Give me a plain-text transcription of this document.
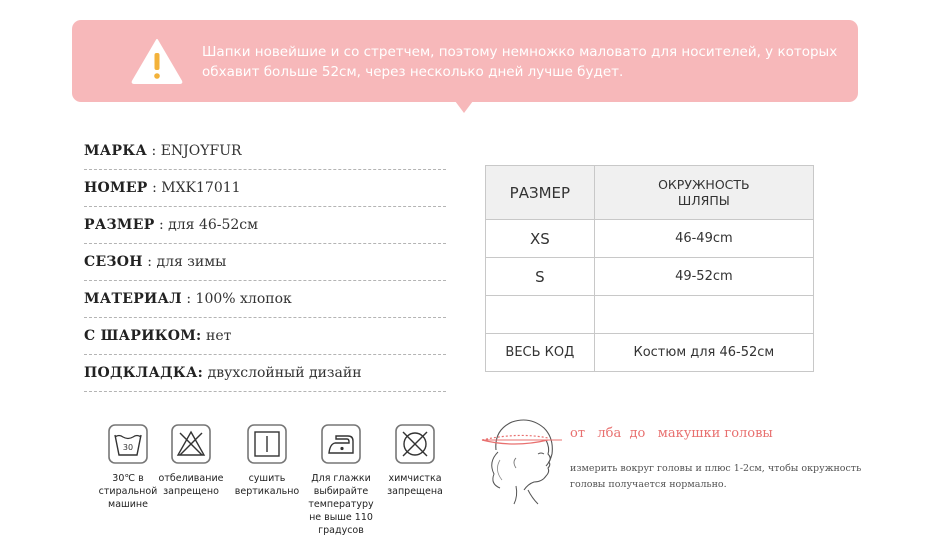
Шапки новейшие и со стретчем, поэтому немножко маловато для носителей, у которых
обхавит больше 52см, через несколько дней лучше будет.
МАРКА : ENJOYFUR
НОМЕР : MXK17011
РАЗМЕР : для 46-52см
СЕЗОН : для зимы
МАТЕРИАЛ : 100% хлопок
С ШАРИКОМ: нет
ПОДКЛАДКА: двухслойный дизайн
РАЗМЕР	ОКРУЖНОСТЬ
ШЛЯПЫ
XS	46-49cm
S	49-52cm

ВЕСЬ КОД	Костюм для 46-52см
30
30℃ в стиральной
машине
отбеливание
запрещено
сушить
вертикально
Для глажки
выбирайте
температуру
не выше 110 градусов
химчистка
запрещена
от   лба  до   макушки головы
измерить вокруг головы и плюс 1-2см, чтобы окружность
головы получается нормально.
